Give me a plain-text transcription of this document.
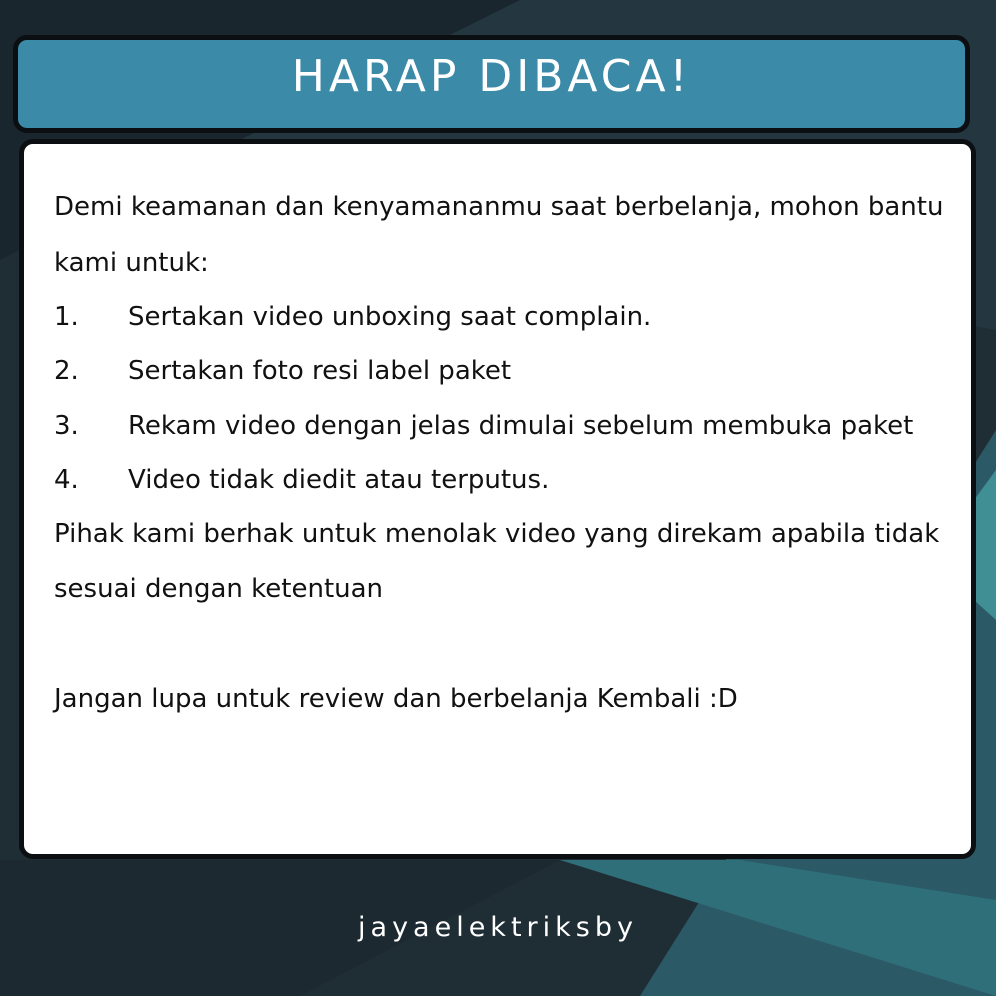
HARAP DIBACA!
Demi keamanan dan kenyamananmu saat berbelanja, mohon bantu
kami untuk:
1. Sertakan video unboxing saat complain.
2. Sertakan foto resi label paket
3. Rekam video dengan jelas dimulai sebelum membuka paket
4. Video tidak diedit atau terputus.
Pihak kami berhak untuk menolak video yang direkam apabila tidak
sesuai dengan ketentuan
Jangan lupa untuk review dan berbelanja Kembali :D
jayaelektriksby
